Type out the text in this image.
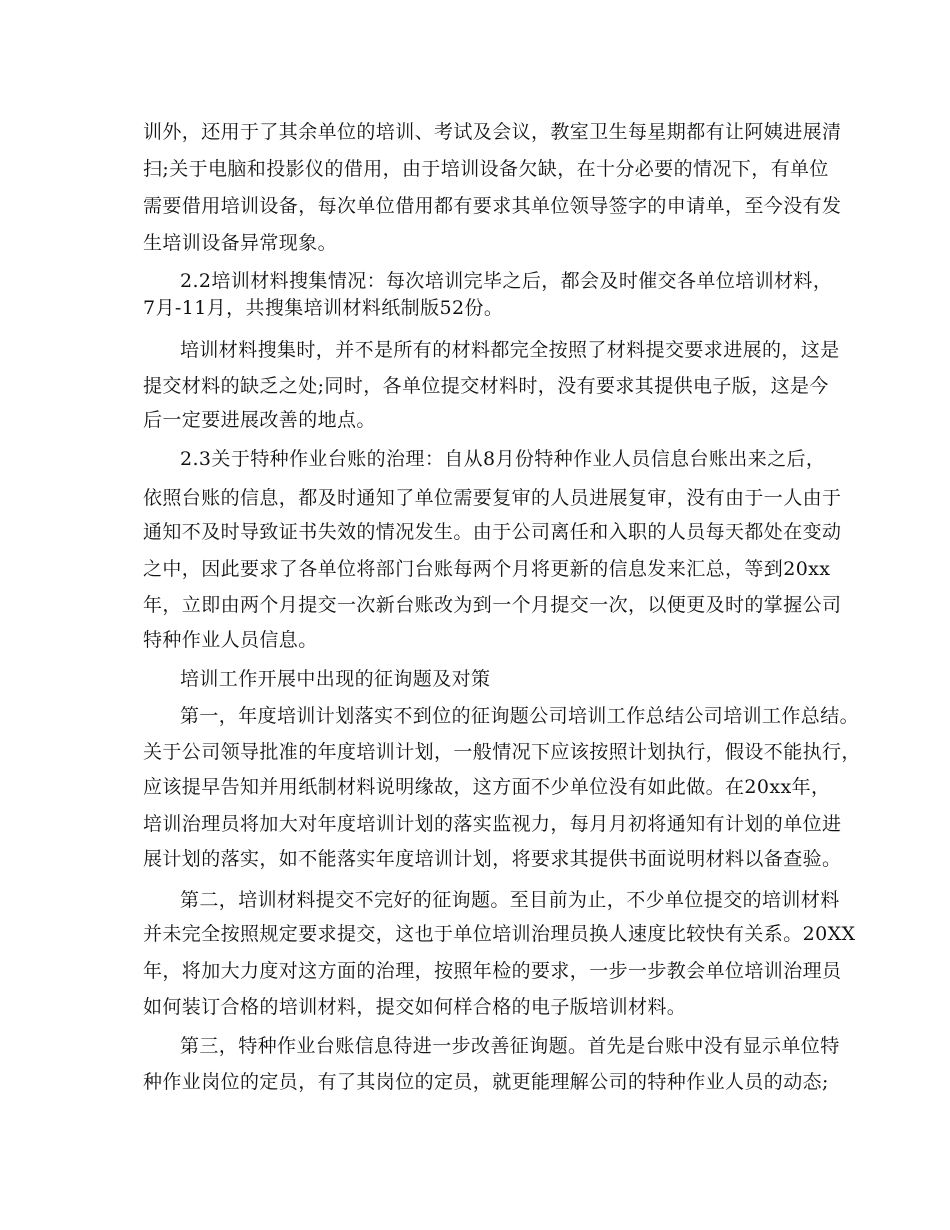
训外，还用于了其余单位的培训、考试及会议，教室卫生每星期都有让阿姨进展清
扫;关于电脑和投影仪的借用，由于培训设备欠缺，在十分必要的情况下，有单位
需要借用培训设备，每次单位借用都有要求其单位领导签字的申请单，至今没有发
生培训设备异常现象。
2.2培训材料搜集情况：每次培训完毕之后，都会及时催交各单位培训材料，
7月-11月，共搜集培训材料纸制版52份。
培训材料搜集时，并不是所有的材料都完全按照了材料提交要求进展的，这是
提交材料的缺乏之处;同时，各单位提交材料时，没有要求其提供电子版，这是今
后一定要进展改善的地点。
2.3关于特种作业台账的治理：自从8月份特种作业人员信息台账出来之后，
依照台账的信息，都及时通知了单位需要复审的人员进展复审，没有由于一人由于
通知不及时导致证书失效的情况发生。由于公司离任和入职的人员每天都处在变动
之中，因此要求了各单位将部门台账每两个月将更新的信息发来汇总，等到20xx
年，立即由两个月提交一次新台账改为到一个月提交一次，以便更及时的掌握公司
特种作业人员信息。
培训工作开展中出现的征询题及对策
第一，年度培训计划落实不到位的征询题公司培训工作总结公司培训工作总结。
关于公司领导批准的年度培训计划，一般情况下应该按照计划执行，假设不能执行，
应该提早告知并用纸制材料说明缘故，这方面不少单位没有如此做。在20xx年，
培训治理员将加大对年度培训计划的落实监视力，每月月初将通知有计划的单位进
展计划的落实，如不能落实年度培训计划，将要求其提供书面说明材料以备查验。
第二，培训材料提交不完好的征询题。至目前为止，不少单位提交的培训材料
并未完全按照规定要求提交，这也于单位培训治理员换人速度比较快有关系。20XX
年，将加大力度对这方面的治理，按照年检的要求，一步一步教会单位培训治理员
如何装订合格的培训材料，提交如何样合格的电子版培训材料。
第三，特种作业台账信息待进一步改善征询题。首先是台账中没有显示单位特
种作业岗位的定员，有了其岗位的定员，就更能理解公司的特种作业人员的动态;
